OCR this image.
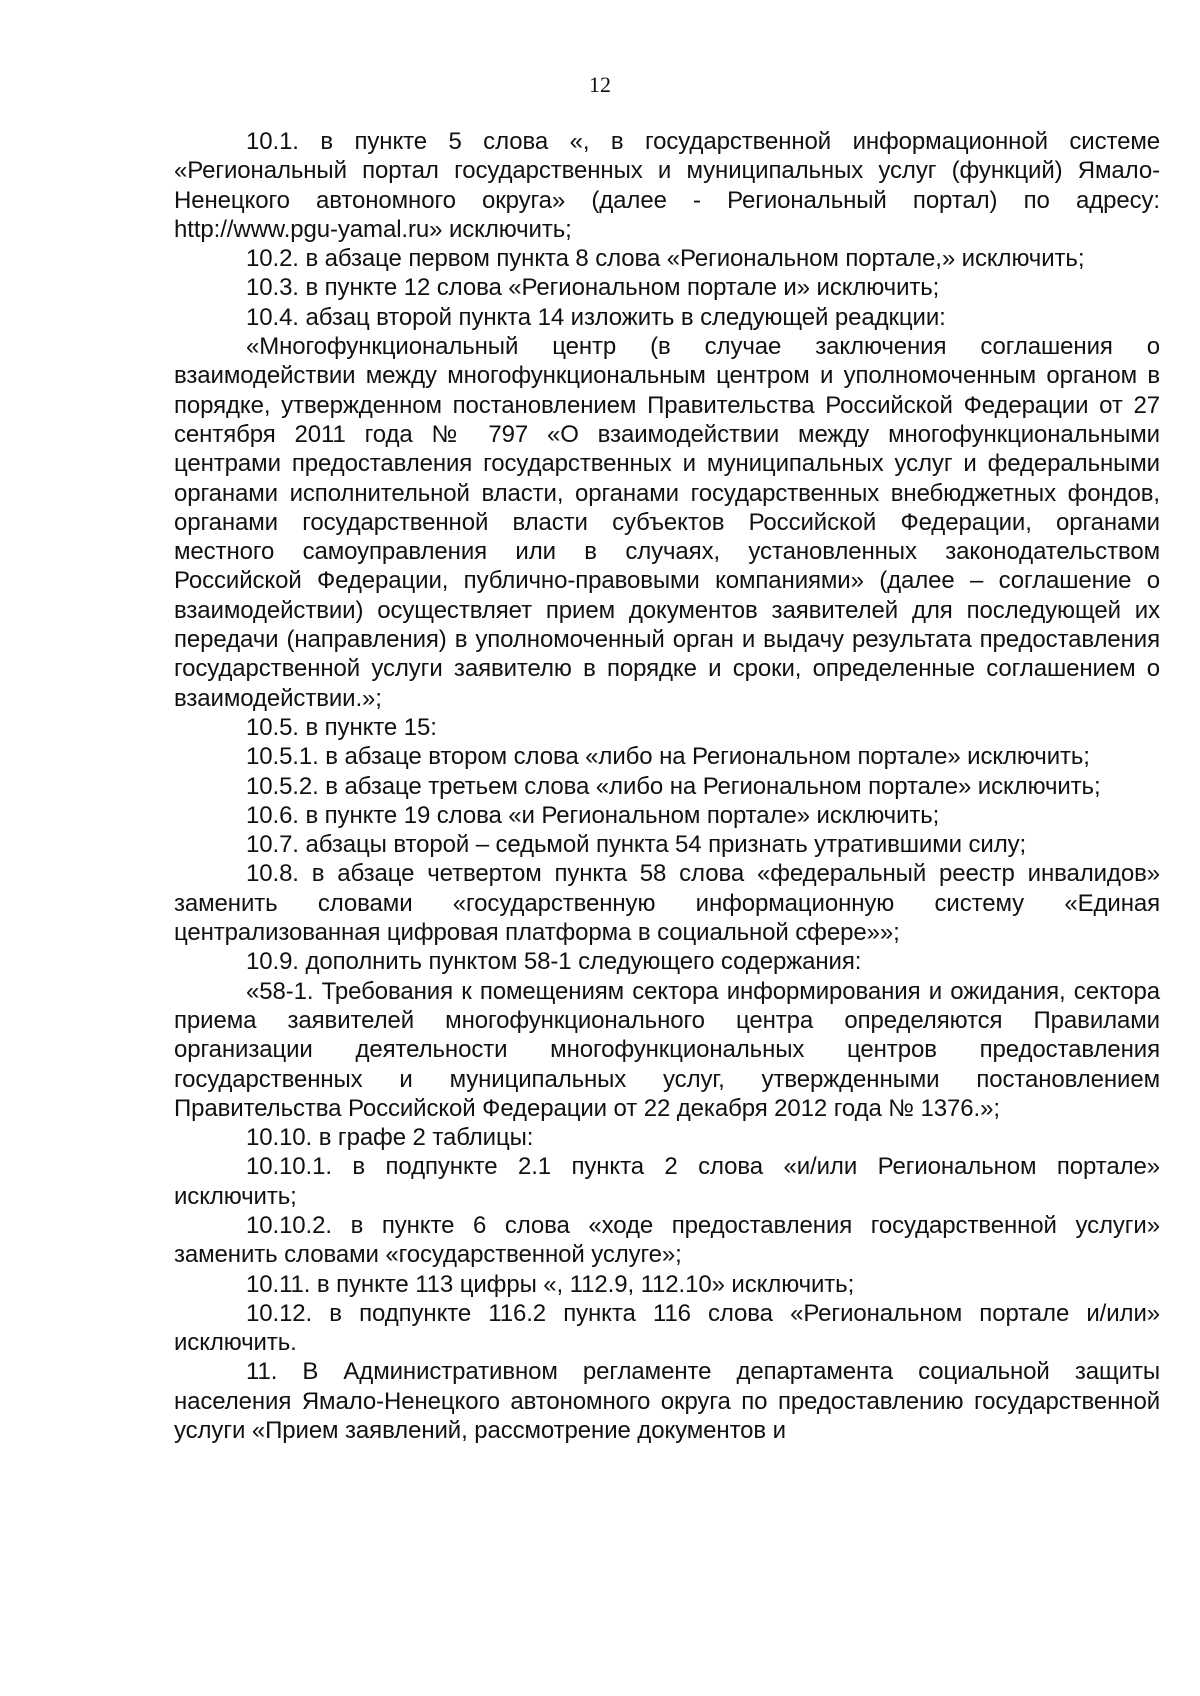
12

10.1. в пункте 5 слова «, в государственной информационной системе «Региональный портал государственных и муниципальных услуг (функций) Ямало-Ненецкого автономного округа» (далее - Региональный портал) по адресу: http://www.pgu-yamal.ru» исключить;

10.2. в абзаце первом пункта 8 слова «Региональном портале,» исключить;

10.3. в пункте 12 слова «Региональном портале и» исключить;

10.4. абзац второй пункта 14 изложить в следующей реадкции:

«Многофункциональный центр (в случае заключения соглашения о взаимодействии между многофункциональным центром и уполномоченным органом в порядке, утвержденном постановлением Правительства Российской Федерации от 27 сентября 2011 года № 797 «О взаимодействии между многофункциональными центрами предоставления государственных и муниципальных услуг и федеральными органами исполнительной власти, органами государственных внебюджетных фондов, органами государственной власти субъектов Российской Федерации, органами местного самоуправления или в случаях, установленных законодательством Российской Федерации, публично-правовыми компаниями» (далее – соглашение о взаимодействии) осуществляет прием документов заявителей для последующей их передачи (направления) в уполномоченный орган и выдачу результата предоставления государственной услуги заявителю в порядке и сроки, определенные соглашением о взаимодействии.»;

10.5. в пункте 15:

10.5.1. в абзаце втором слова «либо на Региональном портале» исключить;

10.5.2. в абзаце третьем слова «либо на Региональном портале» исключить;

10.6. в пункте 19 слова «и Региональном портале» исключить;

10.7. абзацы второй – седьмой пункта 54 признать утратившими силу;

10.8. в абзаце четвертом пункта 58 слова «федеральный реестр инвалидов» заменить словами «государственную информационную систему «Единая централизованная цифровая платформа в социальной сфере»»;

10.9. дополнить пунктом 58-1 следующего содержания:

«58-1. Требования к помещениям сектора информирования и ожидания, сектора приема заявителей многофункционального центра определяются Правилами организации деятельности многофункциональных центров предоставления государственных и муниципальных услуг, утвержденными постановлением Правительства Российской Федерации от 22 декабря 2012 года № 1376.»;

10.10. в графе 2 таблицы:

10.10.1. в подпункте 2.1 пункта 2 слова «и/или Региональном портале» исключить;

10.10.2. в пункте 6 слова «ходе предоставления государственной услуги» заменить словами «государственной услуге»;

10.11. в пункте 113 цифры «, 112.9, 112.10» исключить;

10.12. в подпункте 116.2 пункта 116 слова «Региональном портале и/или» исключить.

11. В Административном регламенте департамента социальной защиты населения Ямало-Ненецкого автономного округа по предоставлению государственной услуги «Прием заявлений, рассмотрение документов и
